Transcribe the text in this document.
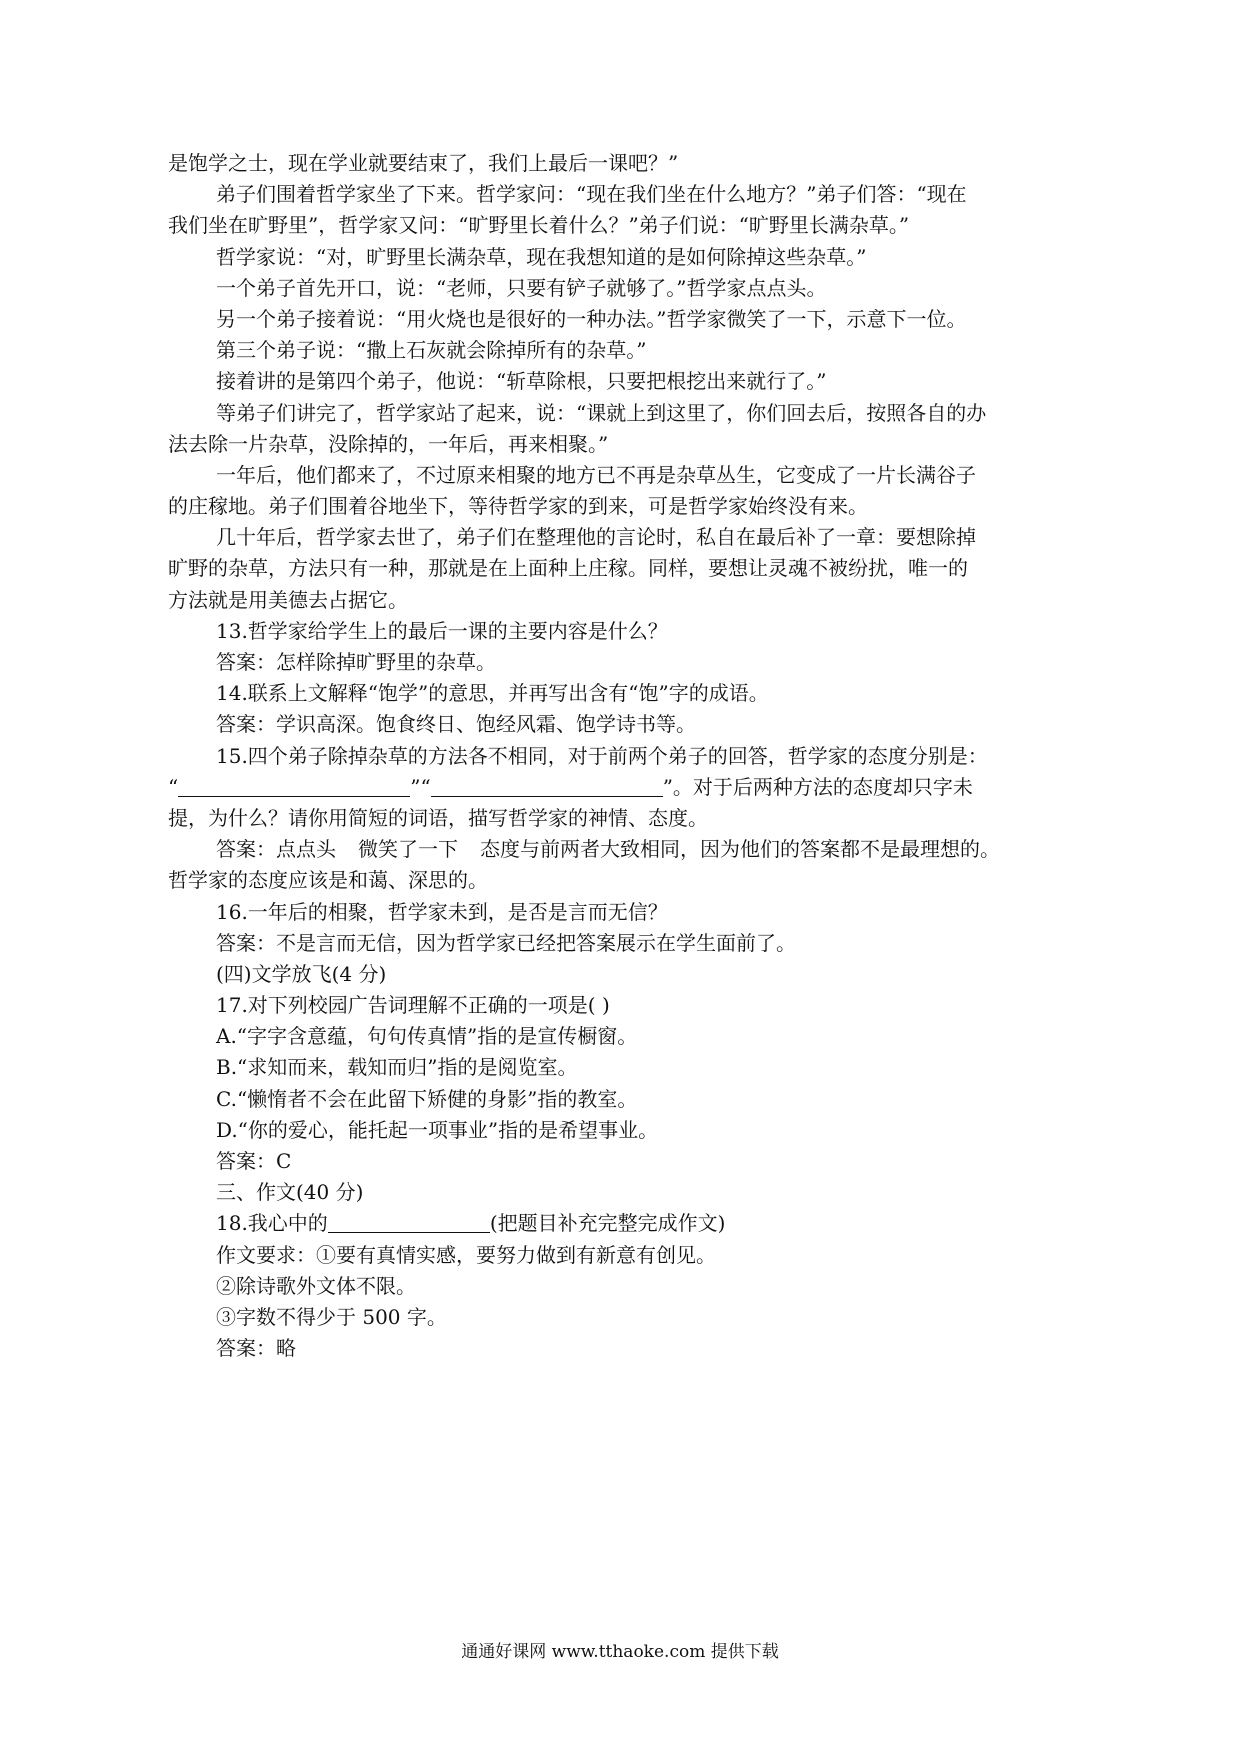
是饱学之士，现在学业就要结束了，我们上最后一课吧？”
弟子们围着哲学家坐了下来。哲学家问：“现在我们坐在什么地方？”弟子们答：“现在
我们坐在旷野里”，哲学家又问：“旷野里长着什么？”弟子们说：“旷野里长满杂草。”
哲学家说：“对，旷野里长满杂草，现在我想知道的是如何除掉这些杂草。”
一个弟子首先开口，说：“老师，只要有铲子就够了。”哲学家点点头。
另一个弟子接着说：“用火烧也是很好的一种办法。”哲学家微笑了一下，示意下一位。
第三个弟子说：“撒上石灰就会除掉所有的杂草。”
接着讲的是第四个弟子，他说：“斩草除根，只要把根挖出来就行了。”
等弟子们讲完了，哲学家站了起来，说：“课就上到这里了，你们回去后，按照各自的办
法去除一片杂草，没除掉的，一年后，再来相聚。”
一年后，他们都来了，不过原来相聚的地方已不再是杂草丛生，它变成了一片长满谷子
的庄稼地。弟子们围着谷地坐下，等待哲学家的到来，可是哲学家始终没有来。
几十年后，哲学家去世了，弟子们在整理他的言论时，私自在最后补了一章：要想除掉
旷野的杂草，方法只有一种，那就是在上面种上庄稼。同样，要想让灵魂不被纷扰，唯一的
方法就是用美德去占据它。
13.哲学家给学生上的最后一课的主要内容是什么？
答案：怎样除掉旷野里的杂草。
14.联系上文解释“饱学”的意思，并再写出含有“饱”字的成语。
答案：学识高深。饱食终日、饱经风霜、饱学诗书等。
15.四个弟子除掉杂草的方法各不相同，对于前两个弟子的回答，哲学家的态度分别是：
“	”“	”。对于后两种方法的态度却只字未
提，为什么？请你用简短的词语，描写哲学家的神情、态度。
答案：点点头 微笑了一下 态度与前两者大致相同，因为他们的答案都不是最理想的。
哲学家的态度应该是和蔼、深思的。
16.一年后的相聚，哲学家未到，是否是言而无信？
答案：不是言而无信，因为哲学家已经把答案展示在学生面前了。
(四)文学放飞(4 分)
17.对下列校园广告词理解不正确的一项是( )
A.“字字含意蕴，句句传真情”指的是宣传橱窗。
B.“求知而来，载知而归”指的是阅览室。
C.“懒惰者不会在此留下矫健的身影”指的教室。
D.“你的爱心，能托起一项事业”指的是希望事业。
答案：C
三、作文(40 分)
18.我心中的	(把题目补充完整完成作文)
作文要求：①要有真情实感，要努力做到有新意有创见。
②除诗歌外文体不限。
③字数不得少于 500 字。
答案：略
通通好课网 www.tthaoke.com 提供下载
